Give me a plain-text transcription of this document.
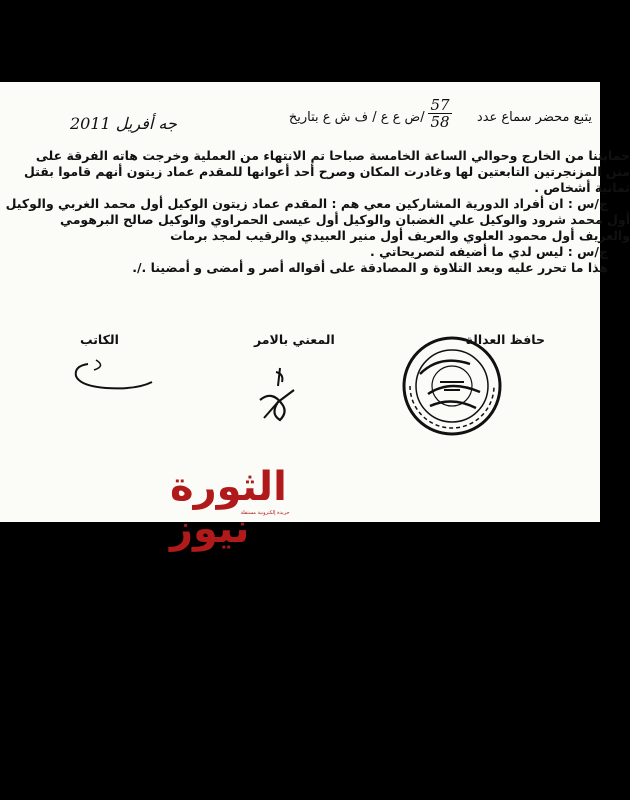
يتبع محضر سماع عدد  /ض ع ع / ف ش ع بتاريخ
57
58
جه أفريل 2011

حمايتنا من الخارج وحوالي الساعة الخامسة صباحا تم الانتهاء من العملية وخرجت هاته الفرقة على

متن المزنجرتين التابعتين لها وغادرت المكان وصرح أحد أعوانها للمقدم عماد زيتون أنهم قاموا بقتل

ثمانية أشخاص .

ج/س : ان أفراد الدورية المشاركين معي هم : المقدم عماد زيتون الوكيل أول محمد الغربي والوكيل

أول محمد شرود والوكيل علي الغضبان والوكيل أول عيسى الحمراوي والوكيل صالح البرهومي

والعريف أول محمود العلوي والعريف أول منير العبيدي والرقيب لمجد برمات

ج/س : ليس لدي ما أضيفه لتصريحاتي .

هذا ما تحرر عليه وبعد التلاوة و المصادقة على أقواله أصر و أمضى و أمضينا ./.

حافظ العدالة
المعني بالامر
الكاتب
الثورة نيوز
جريدة إلكترونية مستقلة
